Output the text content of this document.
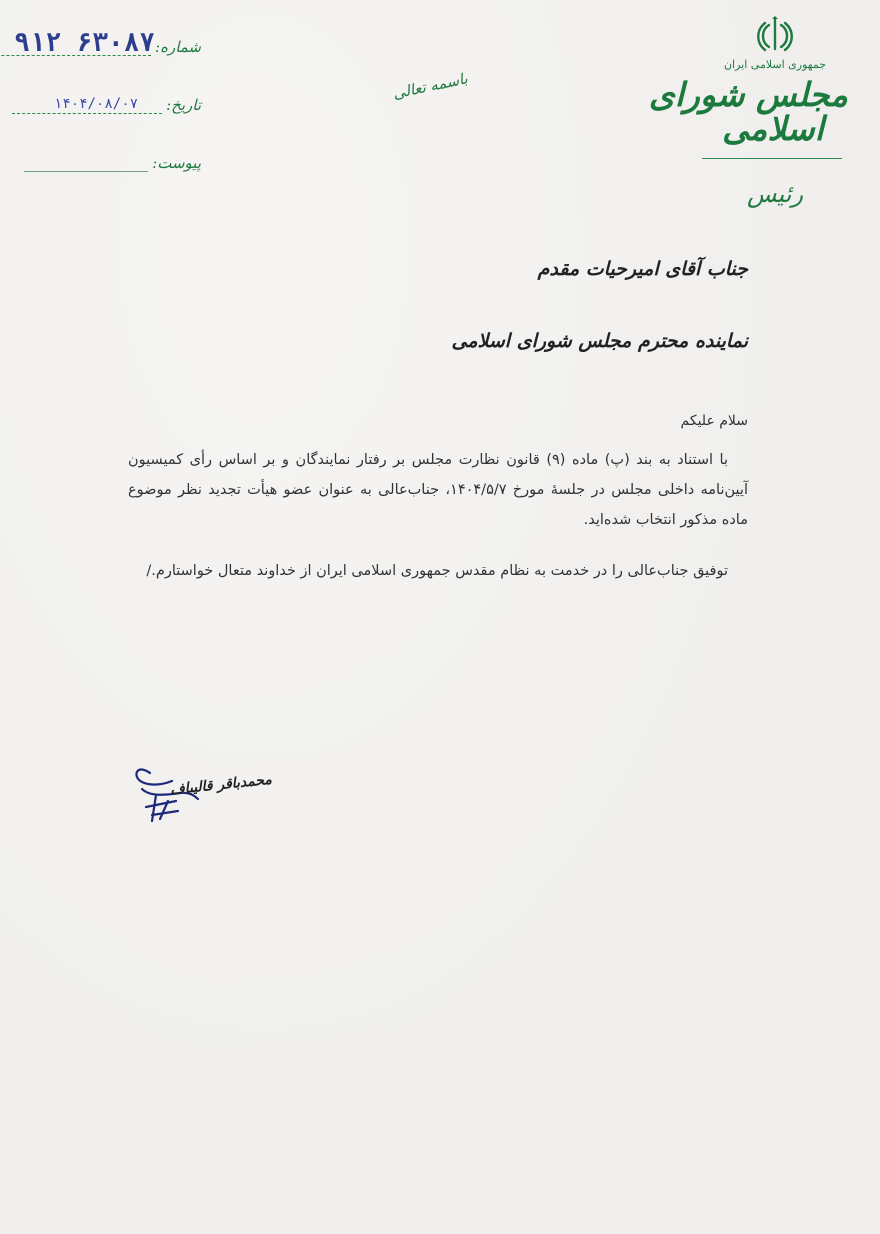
جمهوری اسلامی ایران
مجلس شورای
اسلامی
رئیس
باسمه تعالی
شماره:
۹۱۲ ۶۳۰۸۷
تاریخ:
۱۴۰۴/۰۸/۰۷
پیوست:
جناب آقای امیرحیات مقدم
نماینده محترم مجلس شورای اسلامی
سلام علیکم
با استناد به بند (پ) ماده (۹) قانون نظارت مجلس بر رفتار نمایندگان و بر اساس رأی کمیسیون آیین‌نامه داخلی مجلس در جلسهٔ مورخ ۱۴۰۴/۵/۷، جناب‌عالی به عنوان عضو هیأت تجدید نظر موضوع ماده مذکور انتخاب شده‌اید.
توفیق جناب‌عالی را در خدمت به نظام مقدس جمهوری اسلامی ایران از خداوند متعال خواستارم./
محمدباقر قالیباف
